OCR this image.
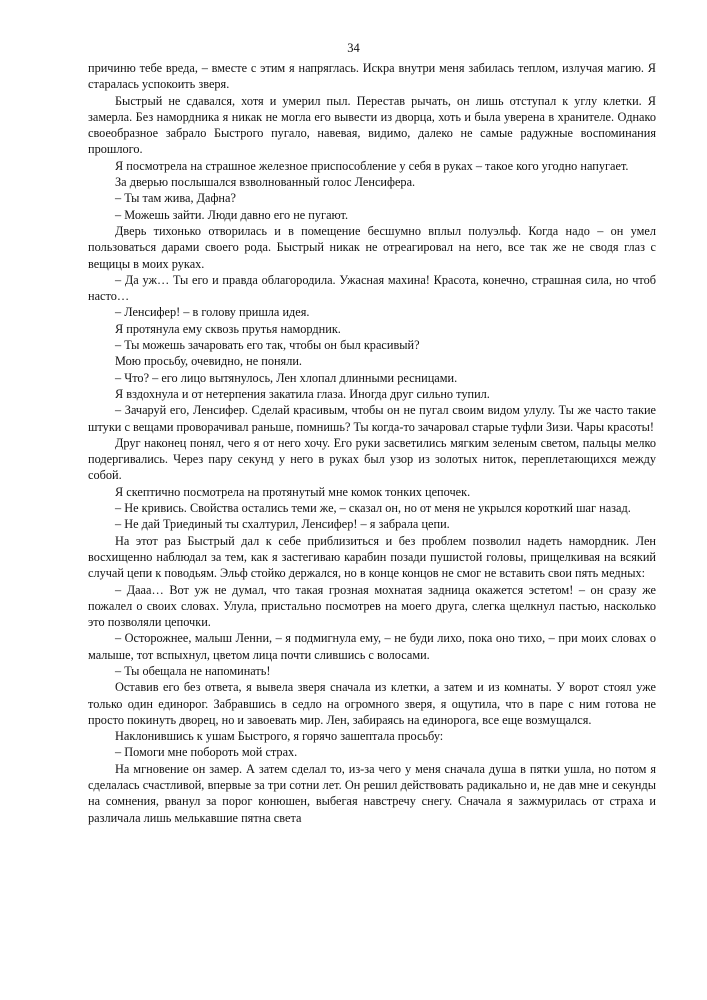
34

причиню тебе вреда, – вместе с этим я напряглась. Искра внутри меня забилась теплом, излучая магию. Я старалась успокоить зверя.

Быстрый не сдавался, хотя и умерил пыл. Перестав рычать, он лишь отступал к углу клетки. Я замерла. Без намордника я никак не могла его вывести из дворца, хоть и была уверена в хранителе. Однако своеобразное забрало Быстрого пугало, навевая, видимо, далеко не самые радужные воспоминания прошлого.

Я посмотрела на страшное железное приспособление у себя в руках – такое кого угодно напугает.

За дверью послышался взволнованный голос Ленсифера.

– Ты там жива, Дафна?

– Можешь зайти. Люди давно его не пугают.

Дверь тихонько отворилась и в помещение бесшумно вплыл полуэльф. Когда надо – он умел пользоваться дарами своего рода. Быстрый никак не отреагировал на него, все так же не сводя глаз с вещицы в моих руках.

– Да уж… Ты его и правда облагородила. Ужасная махина! Красота, конечно, страшная сила, но чтоб насто…

– Ленсифер! – в голову пришла идея.

Я протянула ему сквозь прутья намордник.

– Ты можешь зачаровать его так, чтобы он был красивый?

Мою просьбу, очевидно, не поняли.

– Что? – его лицо вытянулось, Лен хлопал длинными ресницами.

Я вздохнула и от нетерпения закатила глаза. Иногда друг сильно тупил.

– Зачаруй его, Ленсифер. Сделай красивым, чтобы он не пугал своим видом улулу. Ты же часто такие штуки с вещами проворачивал раньше, помнишь? Ты когда-то зачаровал старые туфли Зизи. Чары красоты!

Друг наконец понял, чего я от него хочу. Его руки засветились мягким зеленым светом, пальцы мелко подергивались. Через пару секунд у него в руках был узор из золотых ниток, переплетающихся между собой.

Я скептично посмотрела на протянутый мне комок тонких цепочек.

– Не кривись. Свойства остались теми же, – сказал он, но от меня не укрылся короткий шаг назад.

– Не дай Триединый ты схалтурил, Ленсифер! – я забрала цепи.

На этот раз Быстрый дал к себе приблизиться и без проблем позволил надеть намордник. Лен восхищенно наблюдал за тем, как я застегиваю карабин позади пушистой головы, прищелкивая на всякий случай цепи к поводьям. Эльф стойко держался, но в конце концов не смог не вставить свои пять медных:

– Дааа… Вот уж не думал, что такая грозная мохнатая задница окажется эстетом! – он сразу же пожалел о своих словах. Улула, пристально посмотрев на моего друга, слегка щелкнул пастью, насколько это позволяли цепочки.

– Осторожнее, малыш Ленни, – я подмигнула ему, – не буди лихо, пока оно тихо, – при моих словах о малыше, тот вспыхнул, цветом лица почти слившись с волосами.

– Ты обещала не напоминать!

Оставив его без ответа, я вывела зверя сначала из клетки, а затем и из комнаты. У ворот стоял уже только один единорог. Забравшись в седло на огромного зверя, я ощутила, что в паре с ним готова не просто покинуть дворец, но и завоевать мир. Лен, забираясь на единорога, все еще возмущался.

Наклонившись к ушам Быстрого, я горячо зашептала просьбу:

– Помоги мне побороть мой страх.

На мгновение он замер. А затем сделал то, из-за чего у меня сначала душа в пятки ушла, но потом я сделалась счастливой, впервые за три сотни лет. Он решил действовать радикально и, не дав мне и секунды на сомнения, рванул за порог конюшен, выбегая навстречу снегу. Сначала я зажмурилась от страха и различала лишь мелькавшие пятна света
